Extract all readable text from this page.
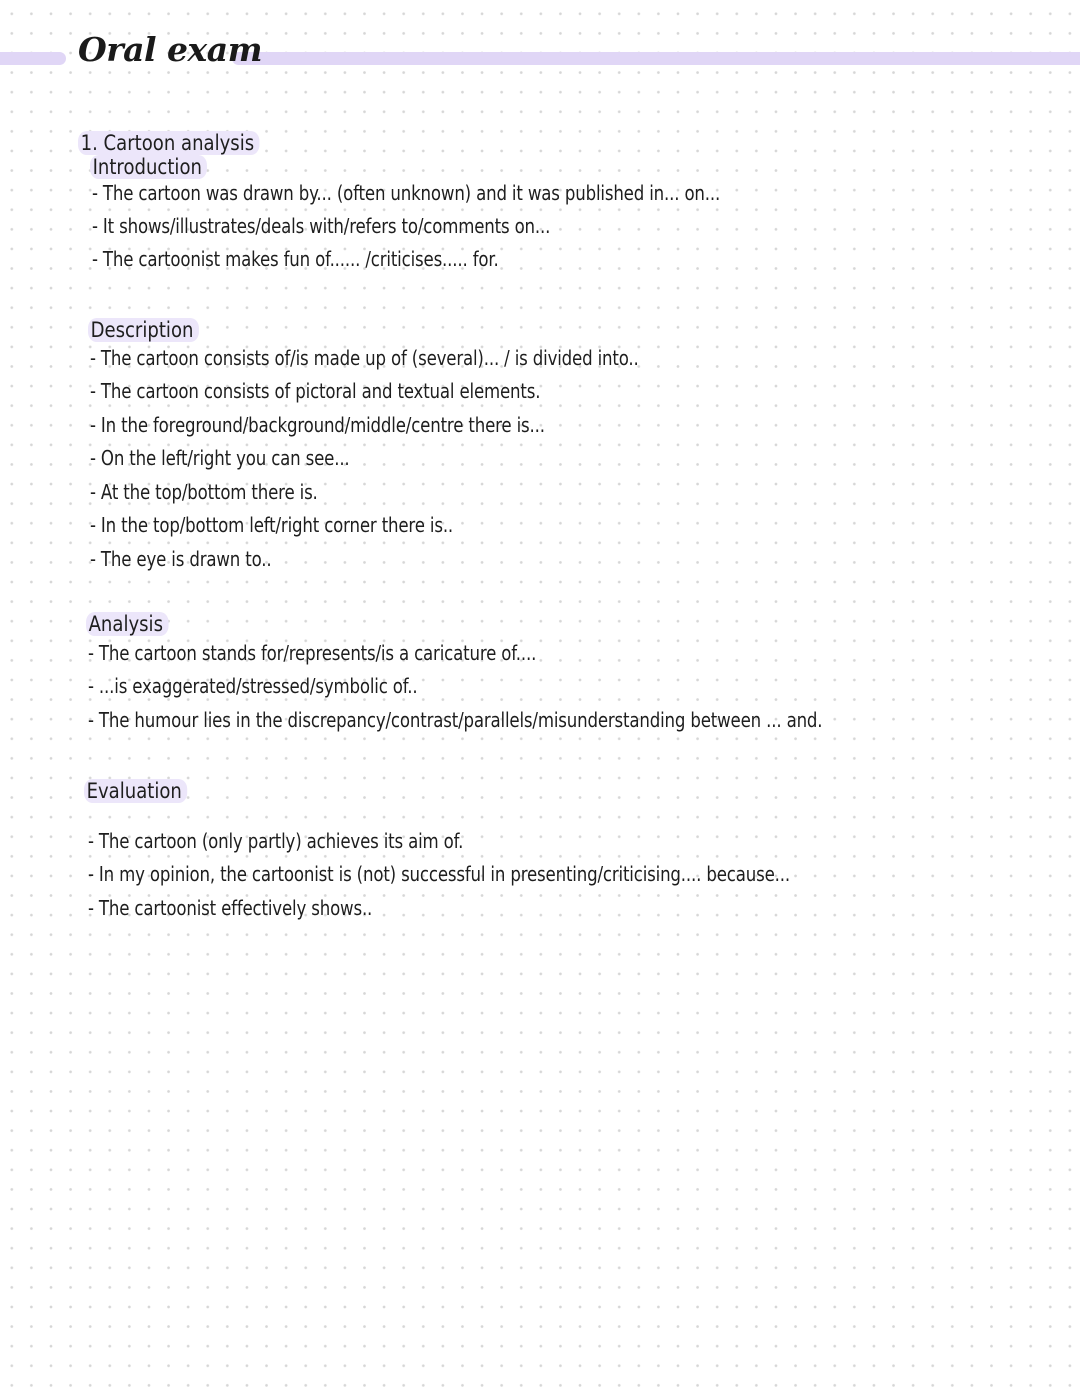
Oral exam
1. Cartoon analysis
Introduction
- The cartoon was drawn by... (often unknown) and it was published in... on...
- It shows/illustrates/deals with/refers to/comments on...
- The cartoonist makes fun of...... /criticises..... for.
Description
- The cartoon consists of/is made up of (several)... / is divided into..
- The cartoon consists of pictoral and textual elements.
- In the foreground/background/middle/centre there is...
- On the left/right you can see...
- At the top/bottom there is.
- In the top/bottom left/right corner there is..
- The eye is drawn to..
Analysis
- The cartoon stands for/represents/is a caricature of....
- ...is exaggerated/stressed/symbolic of..
- The humour lies in the discrepancy/contrast/parallels/misunderstanding between ... and.
Evaluation
- The cartoon (only partly) achieves its aim of.
- In my opinion, the cartoonist is (not) successful in presenting/criticising.... because...
- The cartoonist effectively shows..
